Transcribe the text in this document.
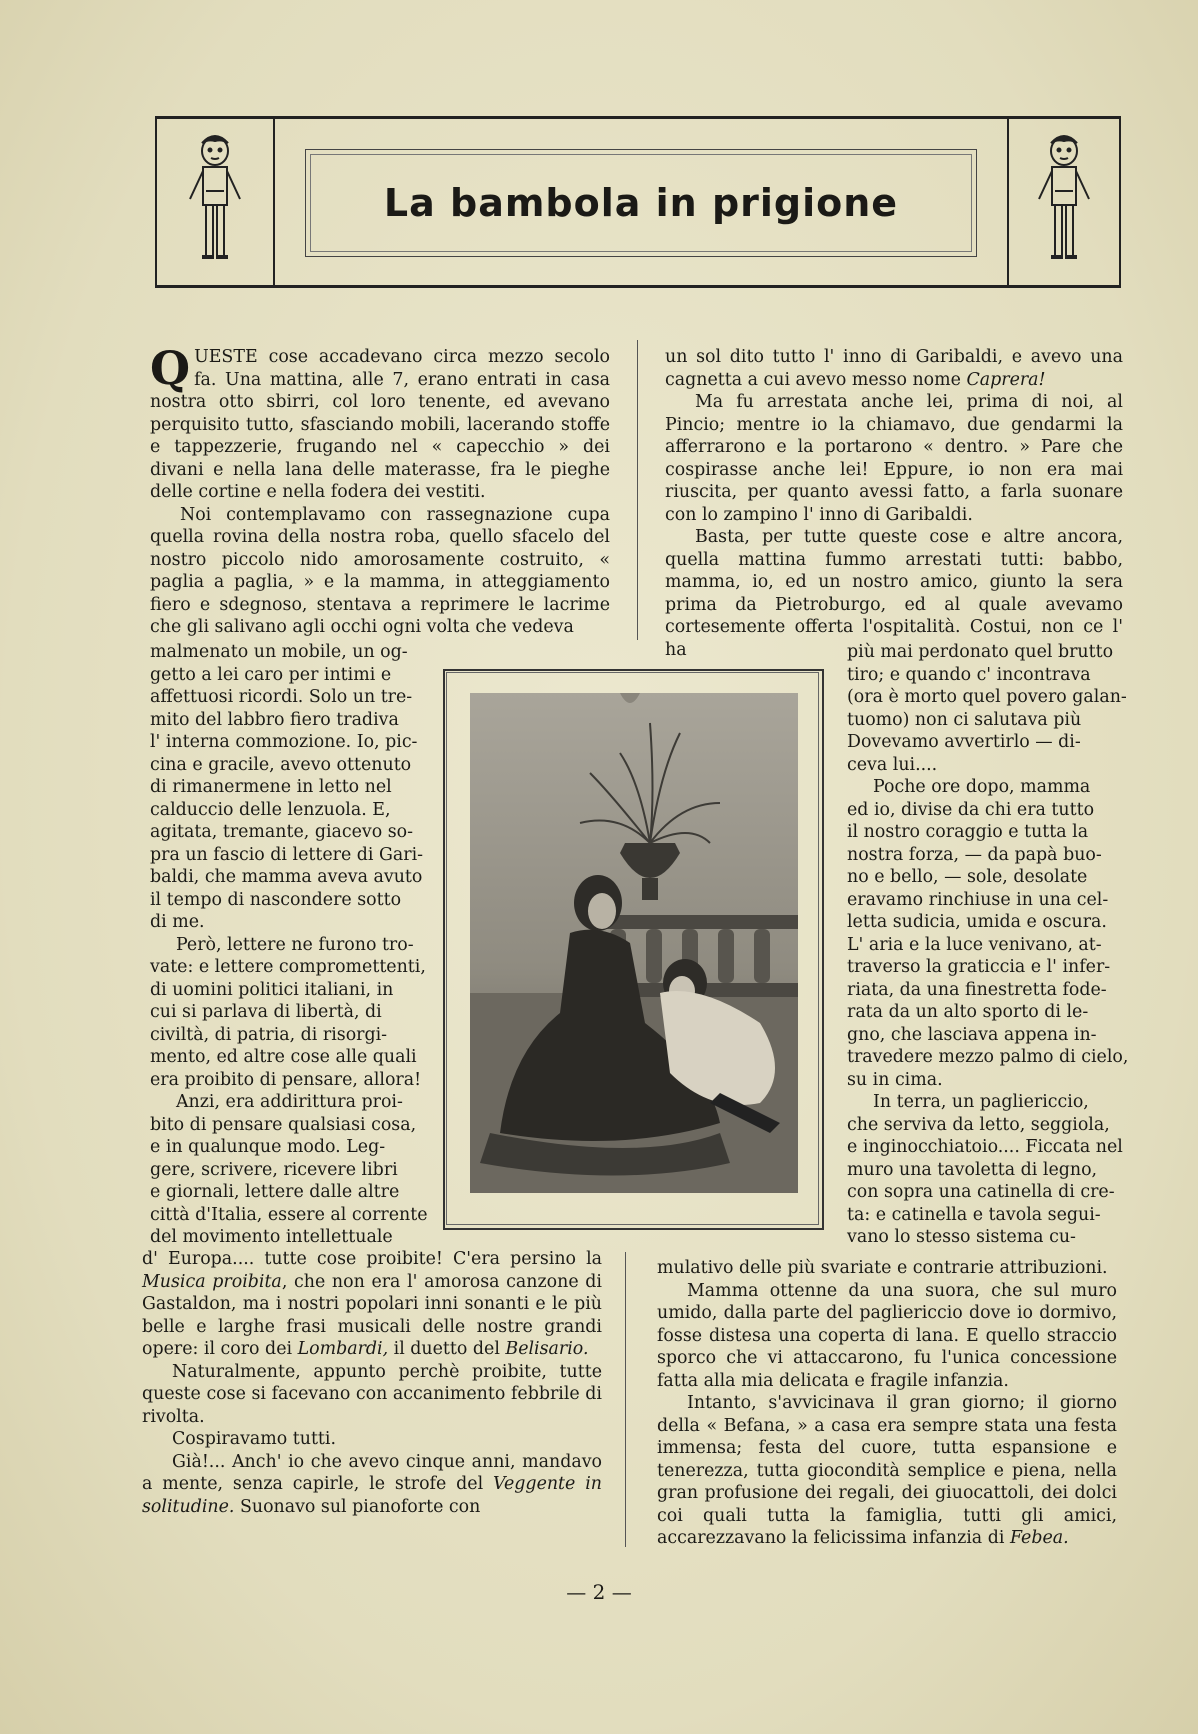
La bambola in prigione

QUESTE cose accadevano circa mezzo secolo fa. Una mattina, alle 7, erano entrati in casa nostra otto sbirri, col loro tenente, ed avevano perquisito tutto, sfasciando mobili, lacerando stoffe e tappezzerie, frugando nel « capecchio » dei divani e nella lana delle materasse, fra le pieghe delle cortine e nella fodera dei vestiti.

Noi contemplavamo con rassegnazione cupa quella rovina della nostra roba, quello sfacelo del nostro piccolo nido amorosamente costruito, « paglia a paglia, » e la mamma, in atteggiamento fiero e sdegnoso, stentava a reprimere le lacrime che gli salivano agli occhi ogni volta che vedeva

malmenato un mobile, un og-
getto a lei caro per intimi e
affettuosi ricordi. Solo un tre-
mito del labbro fiero tradiva
l' interna commozione. Io, pic-
cina e gracile, avevo ottenuto
di rimanermene in letto nel
calduccio delle lenzuola. E,
agitata, tremante, giacevo so-
pra un fascio di lettere di Gari-
baldi, che mamma aveva avuto
il tempo di nascondere sotto
di me.
Però, lettere ne furono tro-
vate: e lettere compromettenti,
di uomini politici italiani, in
cui si parlava di libertà, di
civiltà, di patria, di risorgi-
mento, ed altre cose alle quali
era proibito di pensare, allora!
Anzi, era addirittura proi-
bito di pensare qualsiasi cosa,
e in qualunque modo. Leg-
gere, scrivere, ricevere libri
e giornali, lettere dalle altre
città d'Italia, essere al corrente
del movimento intellettuale

d' Europa.... tutte cose proibite! C'era persino la Musica proibita, che non era l' amorosa canzone di Gastaldon, ma i nostri popolari inni sonanti e le più belle e larghe frasi musicali delle nostre grandi opere: il coro dei Lombardi, il duetto del Belisario.

Naturalmente, appunto perchè proibite, tutte queste cose si facevano con accanimento febbrile di rivolta.

Cospiravamo tutti.

Già!... Anch' io che avevo cinque anni, mandavo a mente, senza capirle, le strofe del Veggente in solitudine. Suonavo sul pianoforte con

un sol dito tutto l' inno di Garibaldi, e avevo una cagnetta a cui avevo messo nome Caprera!

Ma fu arrestata anche lei, prima di noi, al Pincio; mentre io la chiamavo, due gendarmi la afferrarono e la portarono « dentro. » Pare che cospirasse anche lei! Eppure, io non era mai riuscita, per quanto avessi fatto, a farla suonare con lo zampino l' inno di Garibaldi.

Basta, per tutte queste cose e altre ancora, quella mattina fummo arrestati tutti: babbo, mamma, io, ed un nostro amico, giunto la sera prima da Pietroburgo, ed al quale avevamo cortesemente offerta l'ospitalità. Costui, non ce l' ha	più mai perdonato quel brutto
tiro; e quando c' incontrava
(ora è morto quel povero galan-
tuomo) non ci salutava più
Dovevamo avvertirlo — di-
ceva lui....
Poche ore dopo, mamma
ed io, divise da chi era tutto
il nostro coraggio e tutta la
nostra forza, — da papà buo-
no e bello, — sole, desolate
eravamo rinchiuse in una cel-
letta sudicia, umida e oscura.
L' aria e la luce venivano, at-
traverso la graticcia e l' infer-
riata, da una finestretta fode-
rata da un alto sporto di le-
gno, che lasciava appena in-
travedere mezzo palmo di cielo,
su in cima.
In terra, un pagliericcio,
che serviva da letto, seggiola,
e inginocchiatoio.... Ficcata nel
muro una tavoletta di legno,
con sopra una catinella di cre-
ta: e catinella e tavola segui-
vano lo stesso sistema cu-

mulativo delle più svariate e contrarie attribuzioni.

Mamma ottenne da una suora, che sul muro umido, dalla parte del pagliericcio dove io dormivo, fosse distesa una coperta di lana. E quello straccio sporco che vi attaccarono, fu l'unica concessione fatta alla mia delicata e fragile infanzia.

Intanto, s'avvicinava il gran giorno; il giorno della « Befana, » a casa era sempre stata una festa immensa; festa del cuore, tutta espansione e tenerezza, tutta giocondità semplice e piena, nella gran profusione dei regali, dei giuocattoli, dei dolci coi quali tutta la famiglia, tutti gli amici, accarezzavano la felicissima infanzia di Febea.

— 2 —
